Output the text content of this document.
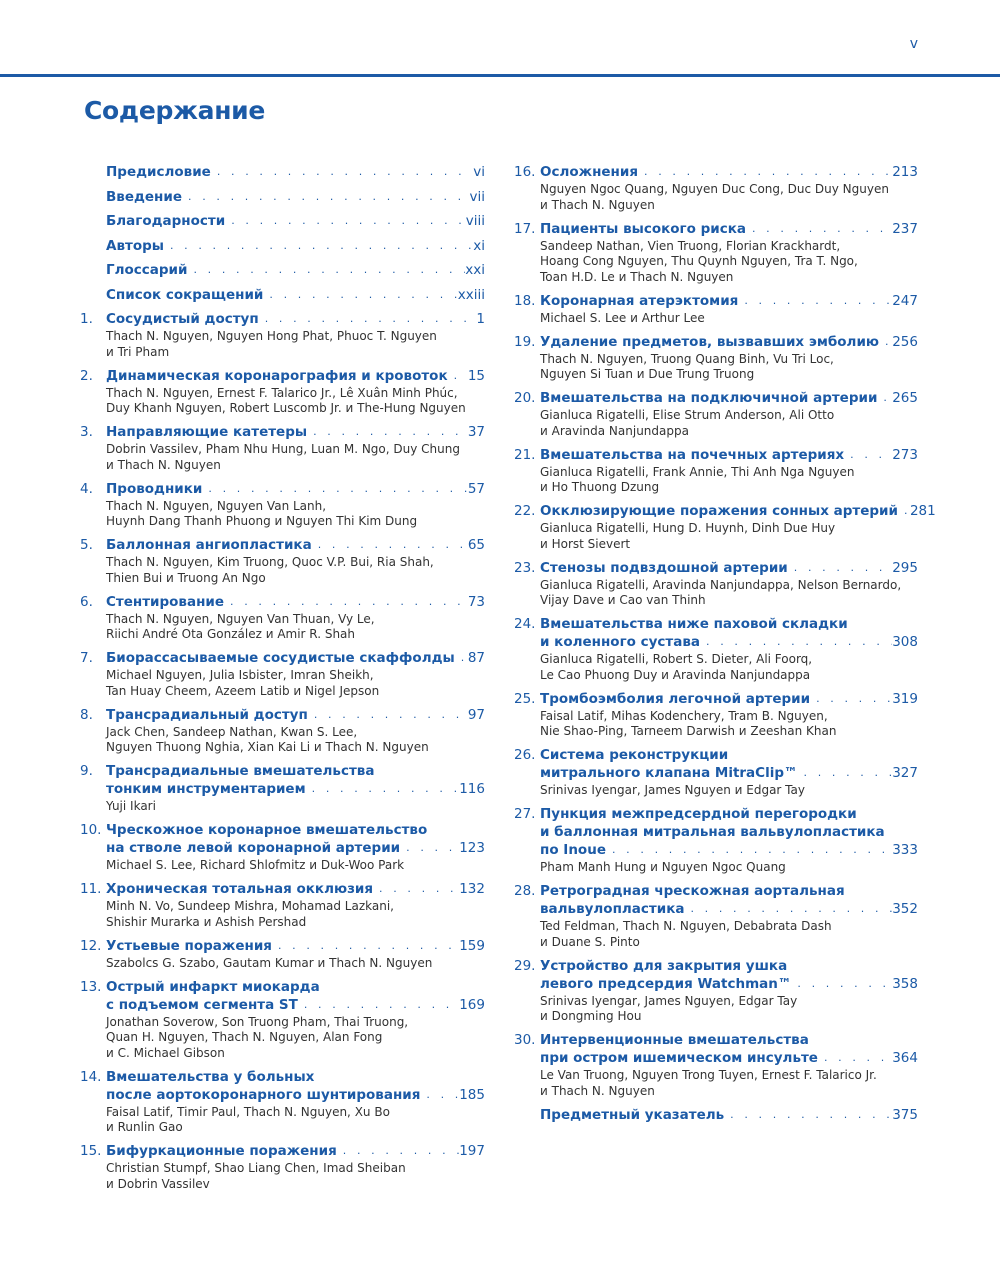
v
Содержание
Предисловие . . .	vi
Введение . . .	vii
Благодарности . . .	viii
Авторы . . .	xi
Глоссарий . . .	xxi
Список сокращений . . .	xxiii
1. Сосудистый доступ . . .	1
Thach N. Nguyen, Nguyen Hong Phat, Phuoc T. Nguyen
и Tri Pham
2. Динамическая коронарография и кровоток . . . 15
Thach N. Nguyen, Ernest F. Talarico Jr., Lê Xuân Minh Phúc,
Duy Khanh Nguyen, Robert Luscomb Jr. и The-Hung Nguyen
3. Направляющие катетеры . . .	37
Dobrin Vassilev, Pham Nhu Hung, Luan M. Ngo, Duy Chung
и Thach N. Nguyen
4. Проводники . . .	57
Thach N. Nguyen, Nguyen Van Lanh,
Huynh Dang Thanh Phuong и Nguyen Thi Kim Dung
5. Баллонная ангиопластика . . .	65
Thach N. Nguyen, Kim Truong, Quoc V.P. Bui, Ria Shah,
Thien Bui и Truong An Ngo
6. Стентирование . . .	73
Thach N. Nguyen, Nguyen Van Thuan, Vy Le,
Riichi André Ota González и Amir R. Shah
7. Биорассасываемые сосудистые скаффолды . . . 87
Michael Nguyen, Julia Isbister, Imran Sheikh,
Tan Huay Cheem, Azeem Latib и Nigel Jepson
8. Трансрадиальный доступ . . .	97
Jack Chen, Sandeep Nathan, Kwan S. Lee,
Nguyen Thuong Nghia, Xian Kai Li и Thach N. Nguyen
9. Трансрадиальные вмешательства
тонким инструментарием . . .	116
Yuji Ikari
10. Чрескожное коронарное вмешательство
на стволе левой коронарной артерии . . .	123
Michael S. Lee, Richard Shlofmitz и Duk-Woo Park
11. Хроническая тотальная окклюзия . . .	132
Minh N. Vo, Sundeep Mishra, Mohamad Lazkani,
Shishir Murarka и Ashish Pershad
12. Устьевые поражения . . .	159
Szabolcs G. Szabo, Gautam Kumar и Thach N. Nguyen
13. Острый инфаркт миокарда
с подъемом сегмента ST . . .	169
Jonathan Soverow, Son Truong Pham, Thai Truong,
Quan H. Nguyen, Thach N. Nguyen, Alan Fong
и C. Michael Gibson
14. Вмешательства у больных
после аортокоронарного шунтирования . . .	185
Faisal Latif, Timir Paul, Thach N. Nguyen, Xu Bo
и Runlin Gao
15. Бифуркационные поражения . . .	197
Christian Stumpf, Shao Liang Chen, Imad Sheiban
и Dobrin Vassilev
16. Осложнения . . .	213
Nguyen Ngoc Quang, Nguyen Duc Cong, Duc Duy Nguyen
и Thach N. Nguyen
17. Пациенты высокого риска . . .	237
Sandeep Nathan, Vien Truong, Florian Krackhardt,
Hoang Cong Nguyen, Thu Quynh Nguyen, Tra T. Ngo,
Toan H.D. Le и Thach N. Nguyen
18. Коронарная атерэктомия . . .	247
Michael S. Lee и Arthur Lee
19. Удаление предметов, вызвавших эмболию . . . 256
Thach N. Nguyen, Truong Quang Binh, Vu Tri Loc,
Nguyen Si Tuan и Due Trung Truong
20. Вмешательства на подключичной артерии . . . 265
Gianluca Rigatelli, Elise Strum Anderson, Ali Otto
и Aravinda Nanjundappa
21. Вмешательства на почечных артериях . . .	273
Gianluca Rigatelli, Frank Annie, Thi Anh Nga Nguyen
и Ho Thuong Dzung
22. Окклюзирующие поражения сонных артерий . . . 281
Gianluca Rigatelli, Hung D. Huynh, Dinh Due Huy
и Horst Sievert
23. Стенозы подвздошной артерии . . .	295
Gianluca Rigatelli, Aravinda Nanjundappa, Nelson Bernardo,
Vijay Dave и Cao van Thinh
24. Вмешательства ниже паховой складки
и коленного сустава . . .	308
Gianluca Rigatelli, Robert S. Dieter, Ali Foorq,
Le Cao Phuong Duy и Aravinda Nanjundappa
25. Тромбоэмболия легочной артерии . . .	319
Faisal Latif, Mihas Kodenchery, Tram B. Nguyen,
Nie Shao-Ping, Tarneem Darwish и Zeeshan Khan
26. Система реконструкции
митрального клапана MitraClip™ . . .	327
Srinivas Iyengar, James Nguyen и Edgar Tay
27. Пункция межпредсердной перегородки
и баллонная митральная вальвулопластика
по Inoue . . .	333
Pham Manh Hung и Nguyen Ngoc Quang
28. Ретроградная чрескожная аортальная
вальвулопластика . . .	352
Ted Feldman, Thach N. Nguyen, Debabrata Dash
и Duane S. Pinto
29. Устройство для закрытия ушка
левого предсердия Watchman™ . . .	358
Srinivas Iyengar, James Nguyen, Edgar Tay
и Dongming Hou
30. Интервенционные вмешательства
при остром ишемическом инсульте . . .	364
Le Van Truong, Nguyen Trong Tuyen, Ernest F. Talarico Jr.
и Thach N. Nguyen
Предметный указатель . . .	375
